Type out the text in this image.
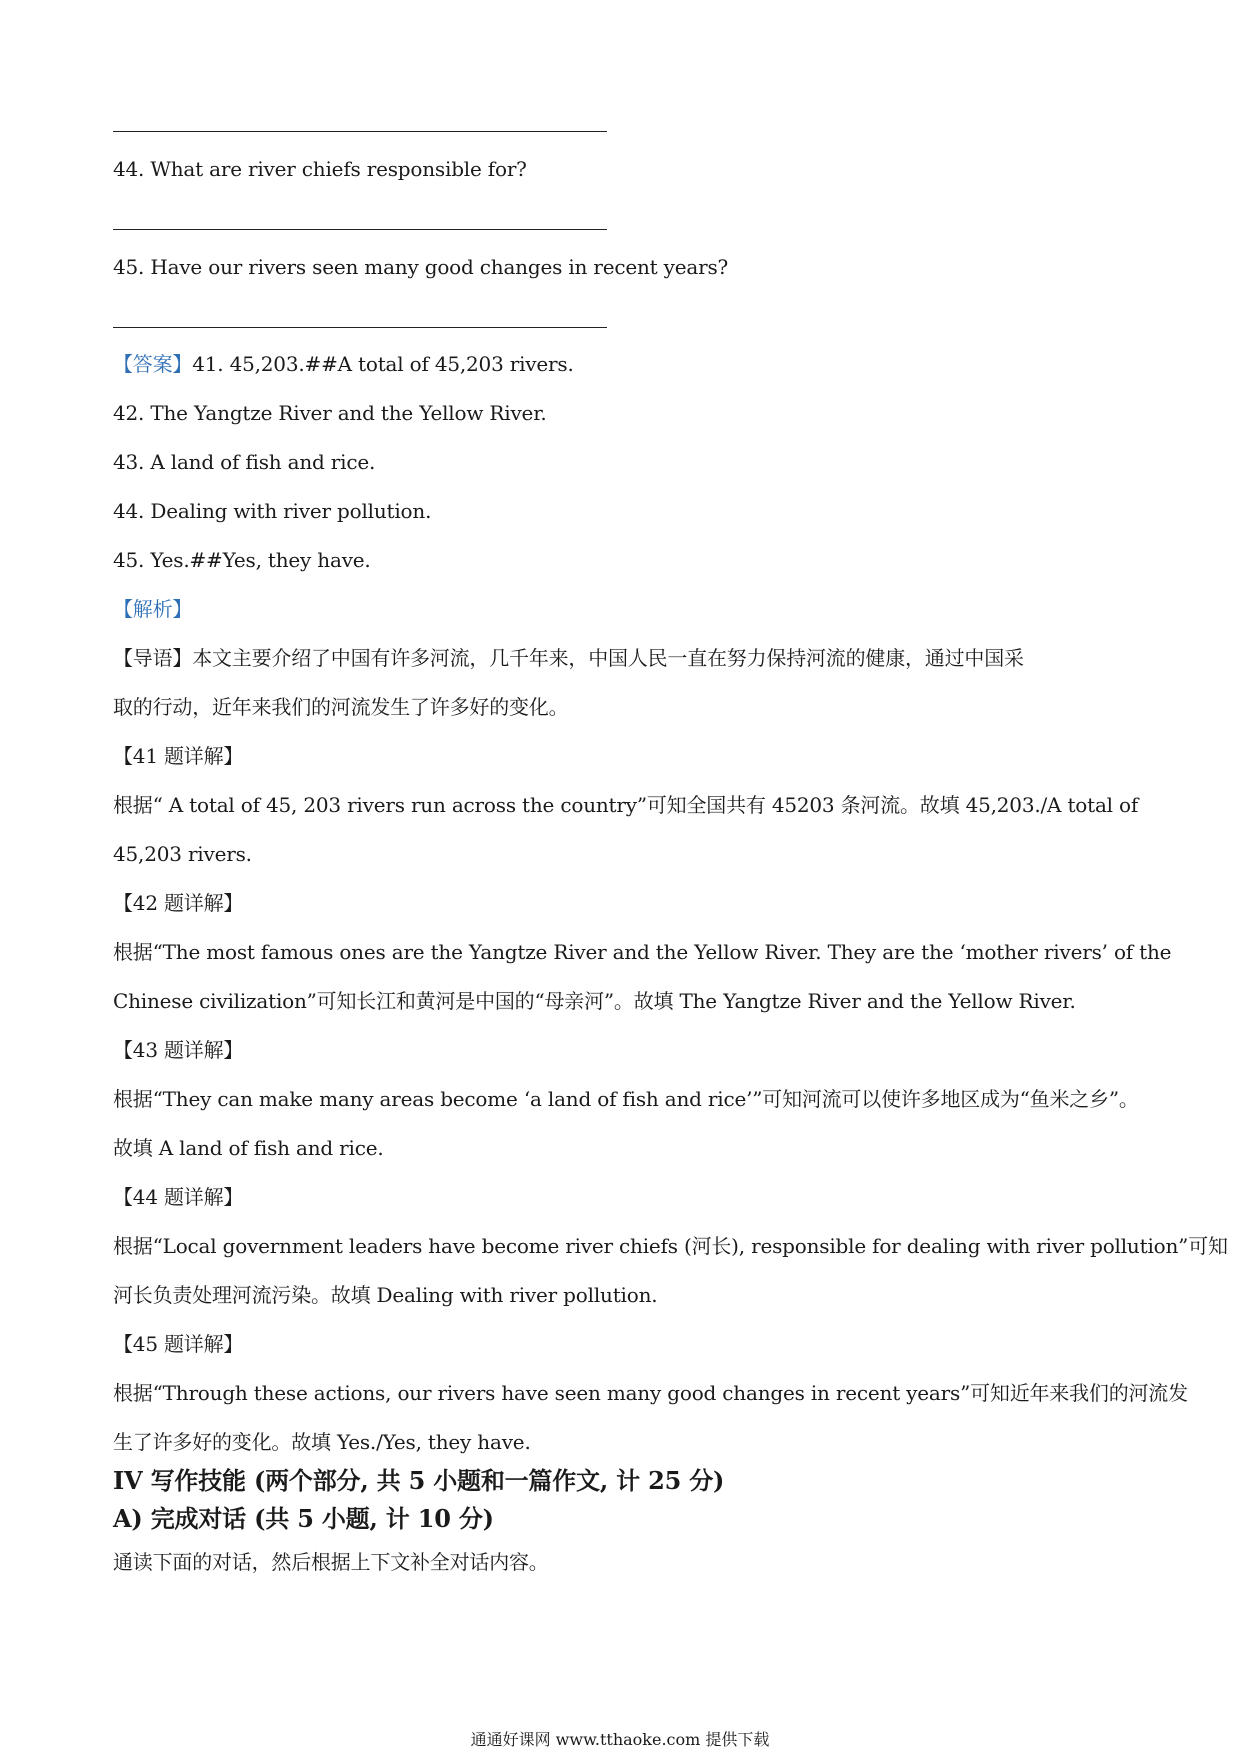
44. What are river chiefs responsible for?
45. Have our rivers seen many good changes in recent years?
【答案】41. 45,203.##A total of 45,203 rivers.
42. The Yangtze River and the Yellow River.
43. A land of fish and rice.
44. Dealing with river pollution.
45. Yes.##Yes, they have.
【解析】
【导语】本文主要介绍了中国有许多河流，几千年来，中国人民一直在努力保持河流的健康，通过中国采
取的行动，近年来我们的河流发生了许多好的变化。
【41 题详解】
根据“ A total of 45, 203 rivers run across the country”可知全国共有 45203 条河流。故填 45,203./A total of
45,203 rivers.
【42 题详解】
根据“The most famous ones are the Yangtze River and the Yellow River. They are the ‘mother rivers’ of the
Chinese civilization”可知长江和黄河是中国的“母亲河”。故填 The Yangtze River and the Yellow River.
【43 题详解】
根据“They can make many areas become ‘a land of fish and rice’”可知河流可以使许多地区成为“鱼米之乡”。
故填 A land of fish and rice.
【44 题详解】
根据“Local government leaders have become river chiefs (河长), responsible for dealing with river pollution”可知
河长负责处理河流污染。故填 Dealing with river pollution.
【45 题详解】
根据“Through these actions, our rivers have seen many good changes in recent years”可知近年来我们的河流发
生了许多好的变化。故填 Yes./Yes, they have.
IV 写作技能 (两个部分, 共 5 小题和一篇作文, 计 25 分)
A) 完成对话 (共 5 小题, 计 10 分)
通读下面的对话，然后根据上下文补全对话内容。
通通好课网 www.tthaoke.com 提供下载
